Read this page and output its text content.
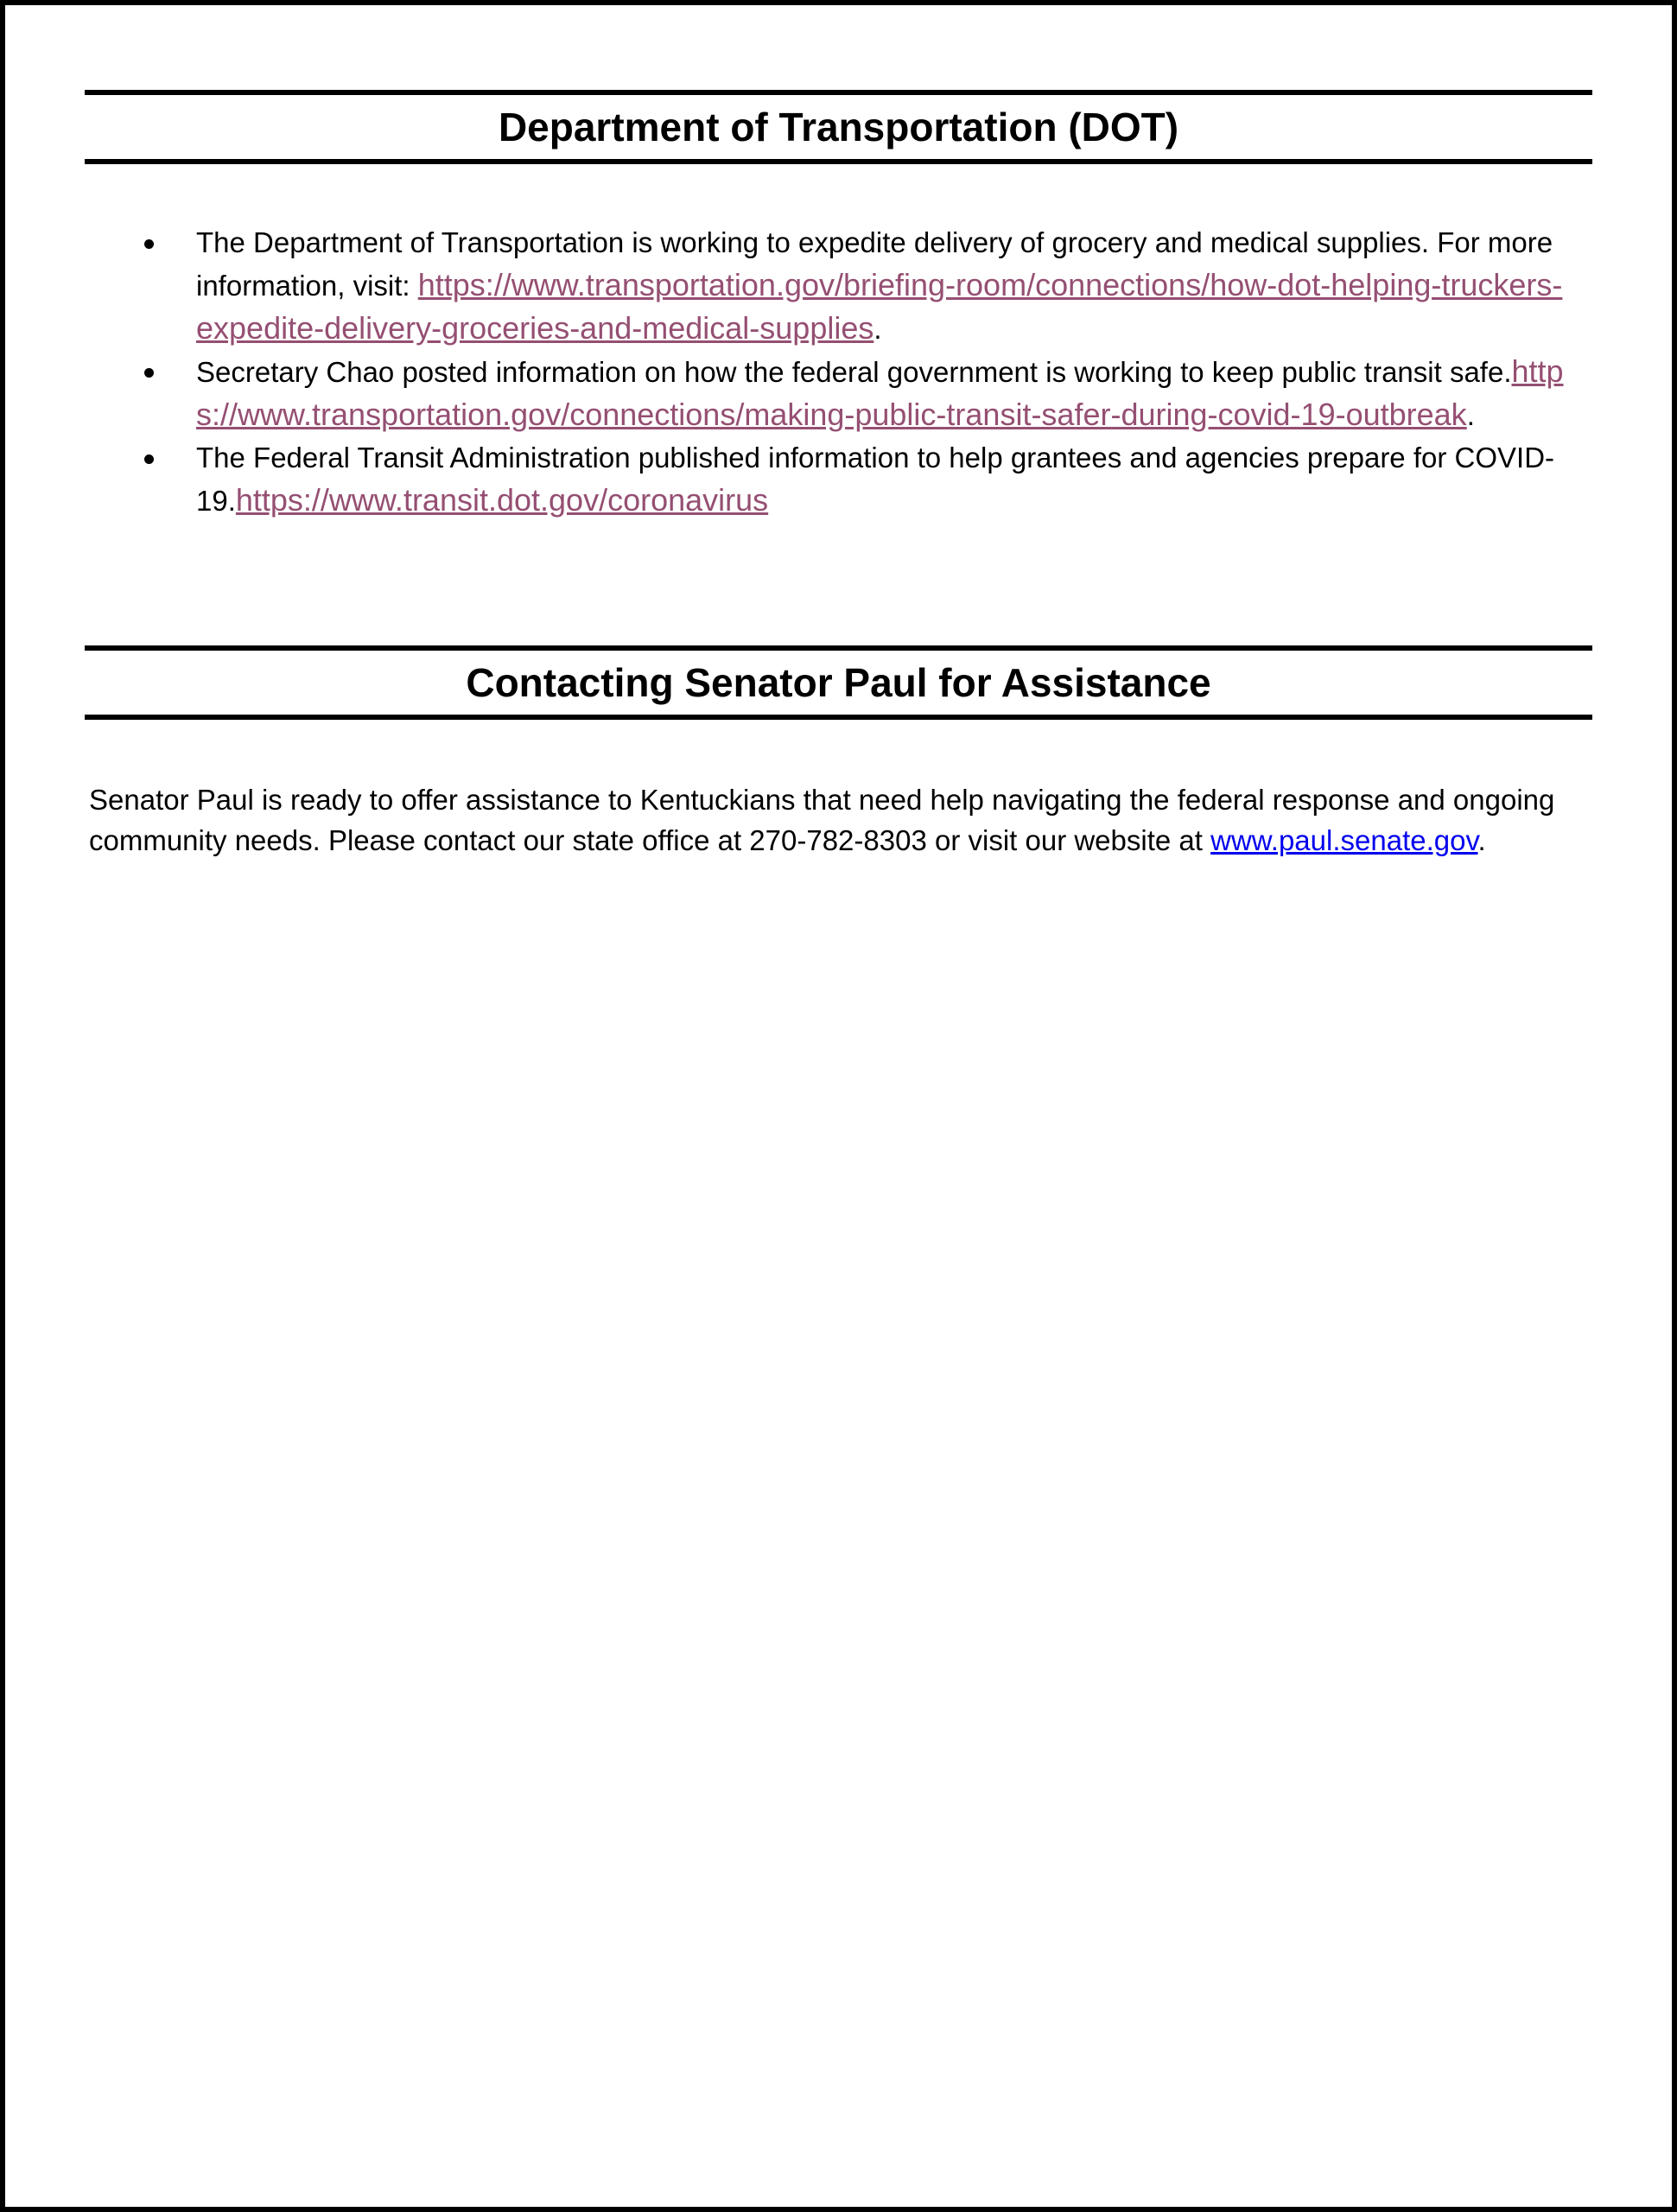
Department of Transportation (DOT)
The Department of Transportation is working to expedite delivery of grocery and medical supplies. For more information, visit: https://www.transportation.gov/briefing-room/connections/how-dot-helping-truckers-expedite-delivery-groceries-and-medical-supplies.
Secretary Chao posted information on how the federal government is working to keep public transit safe.https://www.transportation.gov/connections/making-public-transit-safer-during-covid-19-outbreak.
The Federal Transit Administration published information to help grantees and agencies prepare for COVID-19.https://www.transit.dot.gov/coronavirus
Contacting Senator Paul for Assistance

Senator Paul is ready to offer assistance to Kentuckians that need help navigating the federal response and ongoing community needs. Please contact our state office at 270-782-8303 or visit our website at www.paul.senate.gov.
